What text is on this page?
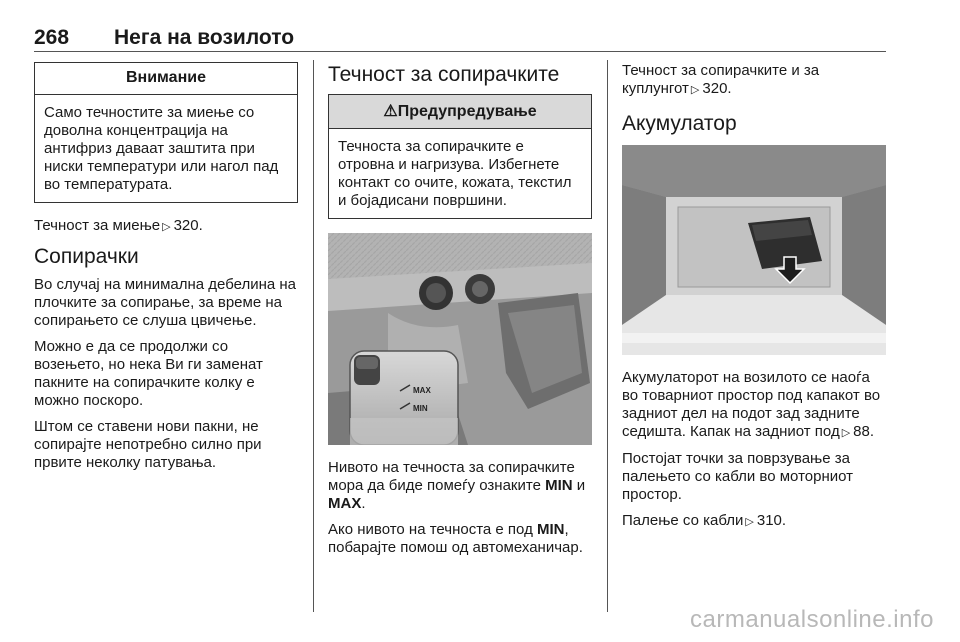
268 Нега на возилото
Внимание
Само течностите за миење со доволна концентрација на антифриз даваат заштита при ниски температури или нагол пад во температурата.

Течност за миење ▷ 320.

Сопирачки

Во случај на минимална дебелина на плочките за сопирање, за време на сопирањето се слуша цвичење.

Можно е да се продолжи со возењето, но нека Ви ги заменат пакните на сопирачките колку е можно поскоро.

Штом се ставени нови пакни, не сопирајте непотребно силно при првите неколку патувања.

Течност за сопирачките
⚠Предупредување
Течноста за сопирачките е отровна и нагризува. Избегнете контакт со очите, кожата, текстил и бојадисани површини.
MAX
MIN

Нивото на течноста за сопирачките мора да биде помеѓу ознаките MIN и MAX.

Ако нивото на течноста е под MIN, побарајте помош од автомеханичар.

Течност за сопирачките и за куплунгот ▷ 320.

Акумулатор

Акумулаторот на возилото се наоѓа во товарниот простор под капакот во задниот дел на подот зад задните седишта. Капак на задниот под ▷ 88.

Постојат точки за поврзување за палењето со кабли во моторниот простор.

Палење со кабли ▷ 310.

carmanualsonline.info
